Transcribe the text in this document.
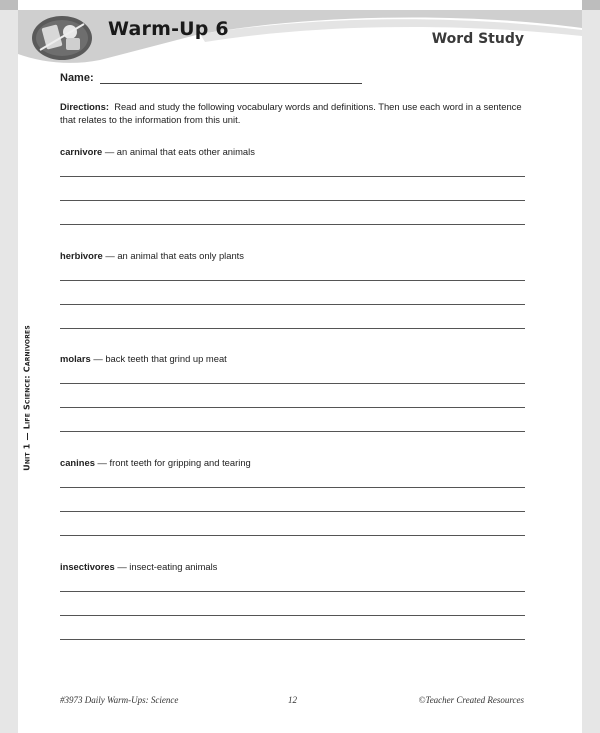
Warm-Up 6	Word Study
Unit 1 — Life Science: Carnivores
Name:
Directions: Read and study the following vocabulary words and definitions. Then use each word in a sentence that relates to the information from this unit.
carnivore — an animal that eats other animals
herbivore — an animal that eats only plants
molars — back teeth that grind up meat
canines — front teeth for gripping and tearing
insectivores — insect-eating animals
#3973 Daily Warm-Ups: Science	12	©Teacher Created Resources
